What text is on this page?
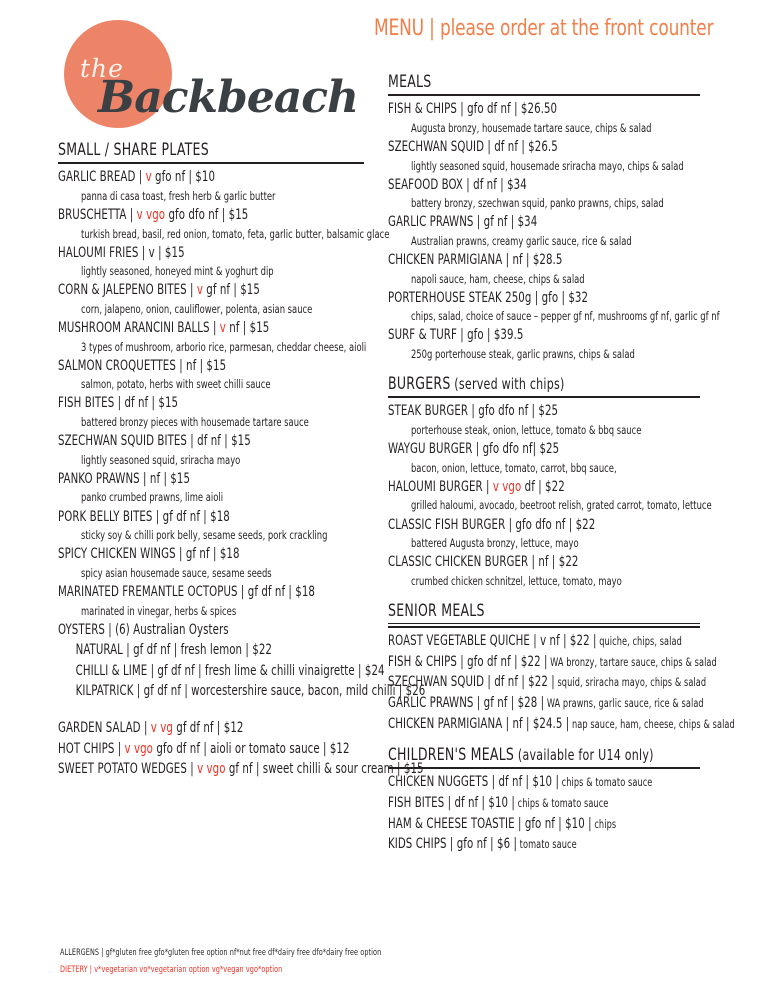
MENU | please order at the front counter
the
Backbeach
SMALL / SHARE PLATES
GARLIC BREAD | v gfo nf | $10
panna di casa toast, fresh herb & garlic butter
BRUSCHETTA | v vgo gfo dfo nf | $15
turkish bread, basil, red onion, tomato, feta, garlic butter, balsamic glace
HALOUMI FRIES | v | $15
lightly seasoned, honeyed mint & yoghurt dip
CORN & JALEPENO BITES | v gf nf | $15
corn, jalapeno, onion, cauliflower, polenta, asian sauce
MUSHROOM ARANCINI BALLS | v nf | $15
3 types of mushroom, arborio rice, parmesan, cheddar cheese, aioli
SALMON CROQUETTES | nf | $15
salmon, potato, herbs with sweet chilli sauce
FISH BITES | df nf | $15
battered bronzy pieces with housemade tartare sauce
SZECHWAN SQUID BITES | df nf | $15
lightly seasoned squid, sriracha mayo
PANKO PRAWNS | nf | $15
panko crumbed prawns, lime aioli
PORK BELLY BITES | gf df nf | $18
sticky soy & chilli pork belly, sesame seeds, pork crackling
SPICY CHICKEN WINGS | gf nf | $18
spicy asian housemade sauce, sesame seeds
MARINATED FREMANTLE OCTOPUS | gf df nf | $18
marinated in vinegar, herbs & spices
OYSTERS | (6) Australian Oysters
NATURAL | gf df nf | fresh lemon | $22
CHILLI & LIME | gf df nf | fresh lime & chilli vinaigrette | $24
KILPATRICK | gf df nf | worcestershire sauce, bacon, mild chilli | $26
GARDEN SALAD | v vg gf df nf | $12
HOT CHIPS | v vgo gfo df nf | aioli or tomato sauce | $12
SWEET POTATO WEDGES | v vgo gf nf | sweet chilli & sour cream | $15
MEALS
FISH & CHIPS | gfo df nf | $26.50
Augusta bronzy, housemade tartare sauce, chips & salad
SZECHWAN SQUID | df nf | $26.5
lightly seasoned squid, housemade sriracha mayo, chips & salad
SEAFOOD BOX | df nf | $34
battery bronzy, szechwan squid, panko prawns, chips, salad
GARLIC PRAWNS | gf nf | $34
Australian prawns, creamy garlic sauce, rice & salad
CHICKEN PARMIGIANA | nf | $28.5
napoli sauce, ham, cheese, chips & salad
PORTERHOUSE STEAK 250g | gfo | $32
chips, salad, choice of sauce – pepper gf nf, mushrooms gf nf, garlic gf nf
SURF & TURF | gfo | $39.5
250g porterhouse steak, garlic prawns, chips & salad
BURGERS (served with chips)
STEAK BURGER | gfo dfo nf | $25
porterhouse steak, onion, lettuce, tomato & bbq sauce
WAYGU BURGER | gfo dfo nf| $25
bacon, onion, lettuce, tomato, carrot, bbq sauce,
HALOUMI BURGER | v vgo df | $22
grilled haloumi, avocado, beetroot relish, grated carrot, tomato, lettuce
CLASSIC FISH BURGER | gfo dfo nf | $22
battered Augusta bronzy, lettuce, mayo
CLASSIC CHICKEN BURGER | nf | $22
crumbed chicken schnitzel, lettuce, tomato, mayo
SENIOR MEALS
ROAST VEGETABLE QUICHE | v nf | $22 | quiche, chips, salad
FISH & CHIPS | gfo df nf | $22 | WA bronzy, tartare sauce, chips & salad
SZECHWAN SQUID | df nf | $22 | squid, sriracha mayo, chips & salad
GARLIC PRAWNS | gf nf | $28 | WA prawns, garlic sauce, rice & salad
CHICKEN PARMIGIANA | nf | $24.5 | nap sauce, ham, cheese, chips & salad
CHILDREN'S MEALS (available for U14 only)
CHICKEN NUGGETS | df nf | $10 | chips & tomato sauce
FISH BITES | df nf | $10 | chips & tomato sauce
HAM & CHEESE TOASTIE | gfo nf | $10 | chips
KIDS CHIPS | gfo nf | $6 | tomato sauce
ALLERGENS | gf*gluten free gfo*gluten free option nf*nut free df*dairy free dfo*dairy free option
DIETERY | v*vegetarian vo*vegetarian option vg*vegan vgo*option
